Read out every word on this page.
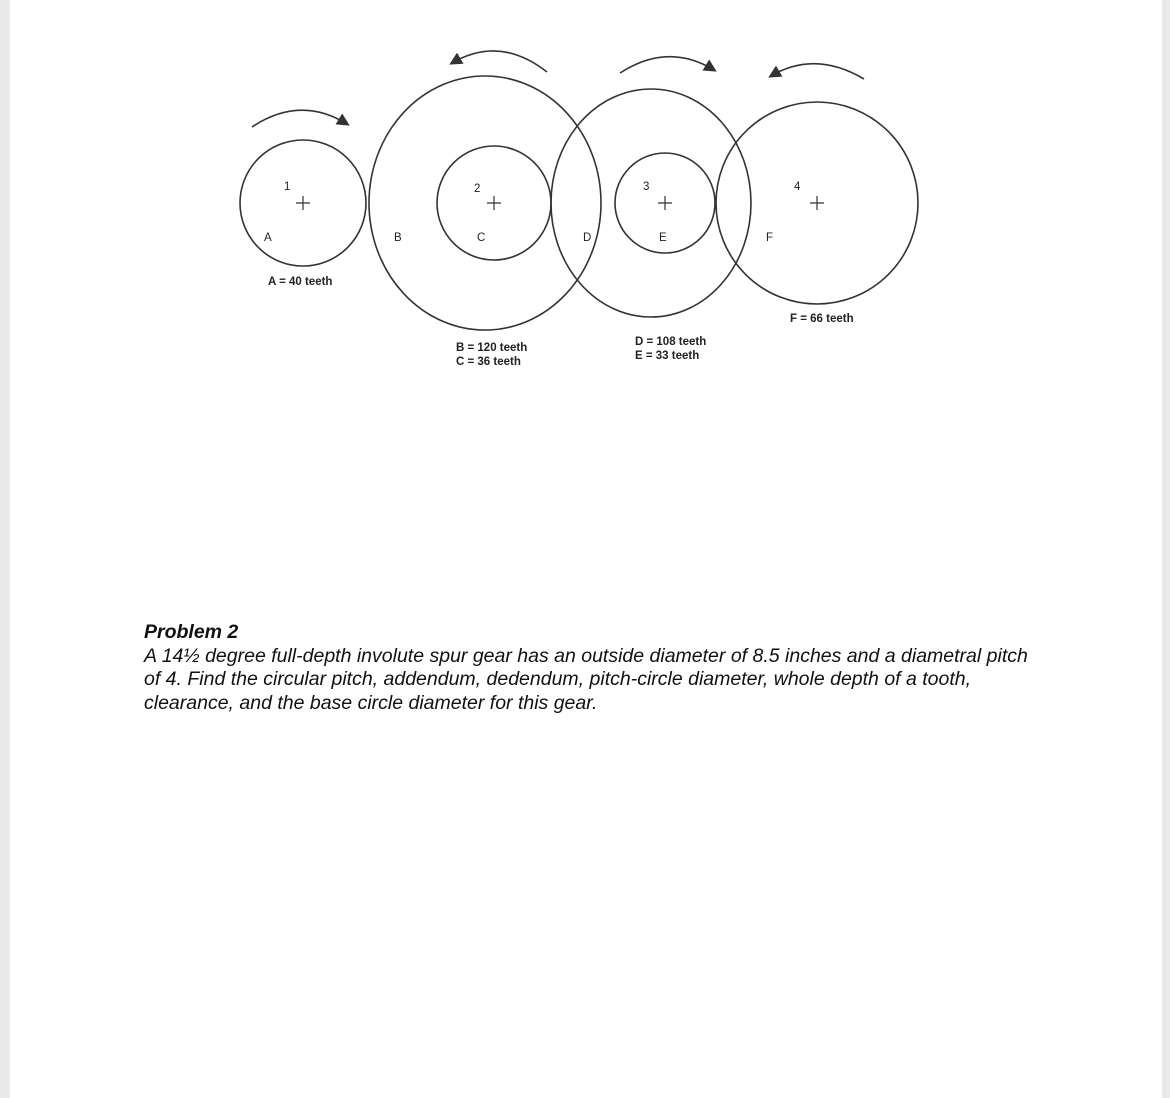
1	2	3	4
A	B	C	D	E	F
A = 40 teeth
B = 120 teeth
C = 36 teeth
D = 108 teeth
E = 33 teeth
F = 66 teeth
Problem 2

A 14½ degree full-depth involute spur gear has an outside diameter of 8.5 inches and a diametral pitch of 4. Find the circular pitch, addendum, dedendum, pitch-circle diameter, whole depth of a tooth, clearance, and the base circle diameter for this gear.
